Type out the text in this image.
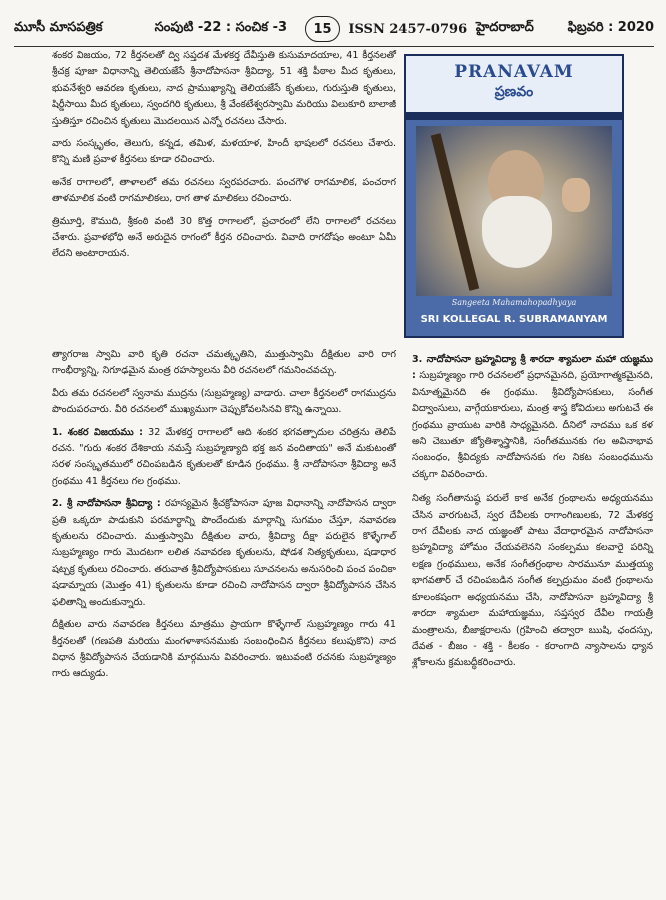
మూసీ మాసపత్రిక	సంపుటి -22 : సంచిక -3	15	ISSN 2457-0796 హైదరాబాద్	ఫిబ్రవరి : 2020

శంకర విజయం, 72 కీర్తనలతో ద్వి సప్తదశ మేళకర్త దేవీస్తుతి కుసుమాదయాల, 41 కీర్తనలతో శ్రీచక్ర పూజా విధానాన్ని తెలియజేసే శ్రీనాదోపాసనా శ్రీవిద్యా, 51 శక్తి పీఠాల మీద కృతులు, భువనేశ్వరి ఆవరణ కృతులు, నాద ప్రాముఖ్యాన్ని తెలియజేసే కృతులు, గురుస్తుతి కృతులు, షిర్డీసాయి మీద కృతులు, స్వందగిరి కృతులు, శ్రీ వేంకటేశ్వరస్వామి మరియు విలుకూరి బాలాజీ స్తుతిస్తూ రచించిన కృతులు మొదలయిన ఎన్నో రచనలు చేసారు.

వారు సంస్కృతం, తెలుగు, కన్నడ, తమిళ, మళయాళ, హిందీ భాషలలో రచనలు చేశారు. కొన్ని మణి ప్రవాళ కీర్తనలు కూడా రచించారు.

అనేక రాగాలలో, తాళాలలో తమ రచనలు స్వరపరచారు. పంచగౌళ రాగమాలిక, పంచరాగ తాళమాలిక వంటి రాగమాలికలు, రాగ తాళ మాలికలు రచించారు.

త్రిమూర్తి, కౌముది, శ్రీకంఠి వంటి 30 కొత్త రాగాలలో, ప్రచారంలో లేని రాగాలలో రచనలు చేశారు. ప్రవాళభోధి అనే అరుదైన రాగంలో కీర్తన రచించారు. వివాది రాగదోషం అంటూ ఏమీ లేదని అంటారాయన.

PRANAVAM
ప్రణవం
Sangeeta Mahamahopadhyaya
SRI KOLLEGAL R. SUBRAMANYAM

త్యాగరాజ స్వామి వారి కృతి రచనా చమత్కృతిని, ముత్తుస్వామి దీక్షితుల వారి రాగ గాంభీర్యాన్ని, నిగూఢమైన మంత్ర రహస్యాలను వీరి రచనలలో గమనించవచ్చు.

వీరు తమ రచనలలో స్వనామ ముద్రను (సుబ్రహ్మణ్య) వాడారు. చాలా కీర్తనలలో రాగముద్రను పొందుపరచారు. వీరి రచనలలో ముఖ్యముగా చెప్పుకోవలసినవి కొన్ని ఉన్నాయి.

1. శంకర విజయము : 32 మేళకర్త రాగాలలో ఆది శంకర భగవత్పాదుల చరిత్రను తెలిపే రచన. "గురు శంకర దేశికాయ నమస్తే సుబ్రహ్మణ్యాది భక్త జన వందితాయ" అనే మకుటంతో సరళ సంస్కృతములో రచింపబడిన కృతులతో కూడిన గ్రంథము. శ్రీ నాదోపాసనా శ్రీవిద్యా అనే గ్రంథము 41 కీర్తనలు గల గ్రంథము.

2. శ్రీ నాదోపాసనా శ్రీవిద్యా : రహస్యమైన శ్రీచక్రోపాసనా పూజ విధానాన్ని నాదోపాసన ద్వారా ప్రతి ఒక్కరూ పాడుకుని పరమార్థాన్ని పొందేందుకు మార్గాన్ని సుగమం చేస్తూ, నవావరణ కృతులను రచించారు. ముత్తుస్వామి దీక్షితుల వారు, శ్రీవిద్యా దీక్షా పరులైన కొళ్ళేగాల్ సుబ్రహ్మణ్యం గారు మొదటగా లలిత నవావరణ కృతులను, షోడశ నిత్యకృతులు, షడాధార షట్చక్ర కృతులు రచించారు. తరువాత శ్రీవిద్యోపాసకులు సూచనలను అనుసరించి పంచ పంచికా షడామ్నాయ (మొత్తం 41) కృతులను కూడా రచించి నాదోపాసన ద్వారా శ్రీవిద్యోపాసన చేసిన ఫలితాన్ని అందుకున్నారు.

దీక్షితుల వారు నవావరణ కీర్తనలు మాత్రము ప్రాయగా కొళ్ళేగాల్ సుబ్రహ్మణ్యం గారు 41 కీర్తనలతో (గణపతి మరియు మంగళాశాసనముకు సంబంధించిన కీర్తనలు కలుపుకొని) నాద విధాన శ్రీవిద్యోపాసన చేయడానికి మార్గమును వివరించారు. ఇటువంటి రచనకు సుబ్రహ్మణ్యం గారు ఆద్యుడు.

3. నాదోపాసనా బ్రహ్మవిద్యా శ్రీ శారదా శ్యామలా మహా యజ్ఞము : సుబ్రహ్మణ్యం గారి రచనలలో ప్రధానమైనది, ప్రయోగాత్మకమైనది, వినూత్నమైనది ఈ గ్రంథము. శ్రీవిద్యోపాసకులు, సంగీత విద్వాంసులు, వాగ్గేయకారులు, మంత్ర శాస్త్ర కోవిదులు అగుటచే ఈ గ్రంథము వ్రాయుట వారికి సాధ్యమైనది. దీనిలో నాదము ఒక కళ అని చెబుతూ జ్యోతిశ్శాస్త్రానికి, సంగీతమునకు గల అవినాభావ సంబంధం, శ్రీవిద్యకు నాదోపాసనకు గల నికట సంబంధమును చక్కగా వివరించారు.

నిత్య సంగీతానుష్ఠ పరులే కాక అనేక గ్రంథాలను అధ్యయనము చేసిన వారగుటచే, స్వర దేవీలకు రాగాంగిణులకు, 72 మేళకర్త రాగ దేవీలకు నాద యజ్ఞంతో పాటు వేదాధారమైన నాదోపాసనా బ్రహ్మవిద్యా హోమం చేయవలెనని సంకల్పము కలవారై పరిన్ని లక్షణ గ్రంథములు, అనేక సంగీతగ్రంథాల సారమునూ ముత్తయ్య భాగవతార్ చే రచింపబడిన సంగీత కల్పద్రుమం వంటి గ్రంథాలను కూలంకషంగా అధ్యయనము చేసి, నాదోపాసనా బ్రహ్మవిద్యా శ్రీ శారదా శ్యామలా మహాయజ్ఞము, సప్తస్వర దేవీల గాయత్రీ మంత్రాలను, బీజాక్షరాలను (గ్రహించి తద్వారా ఋషి, ఛందస్సు, దేవత - బీజం - శక్తి - కీలకం - కరాంగాది న్యాసాలను ధ్యాన శ్లోకాలను క్రమబద్ధీకరించారు.
